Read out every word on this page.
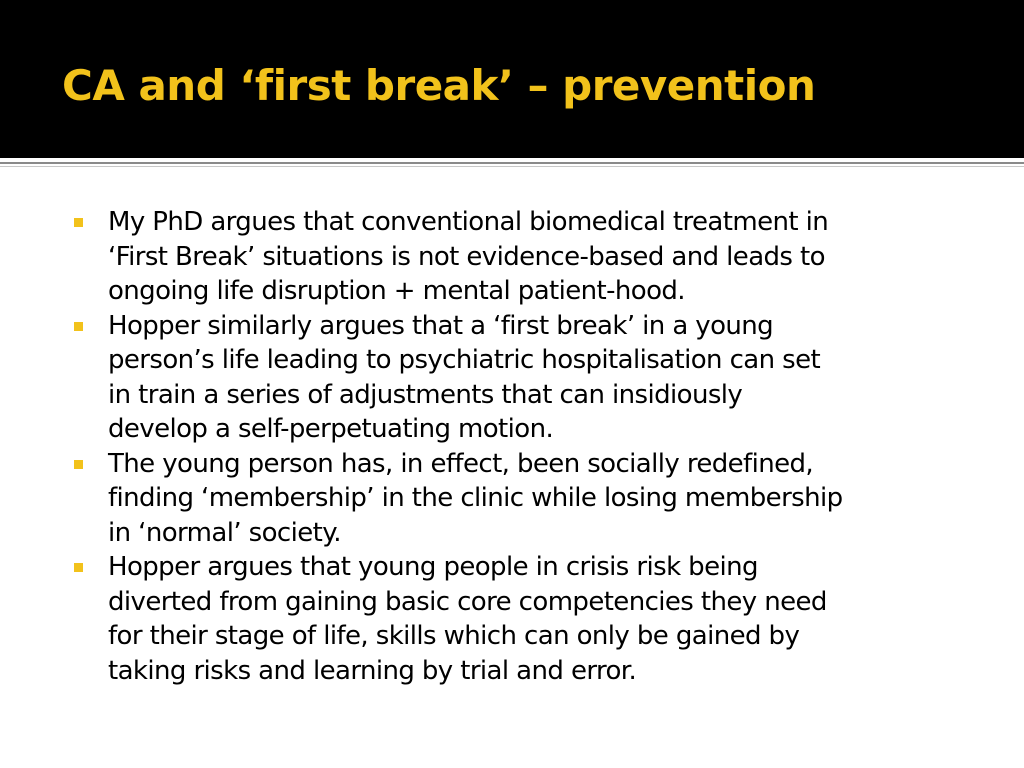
CA and ‘first break’ – prevention
My PhD argues that conventional biomedical treatment in
‘First Break’ situations is not evidence-based and leads to
ongoing life disruption + mental patient-hood.
Hopper similarly argues that a ‘first break’ in a young
person’s life leading to psychiatric hospitalisation can set
in train a series of adjustments that can insidiously
develop a self-perpetuating motion.
The young person has, in effect, been socially redefined,
finding ‘membership’ in the clinic while losing membership
in ‘normal’ society.
Hopper argues that young people in crisis risk being
diverted from gaining basic core competencies they need
for their stage of life, skills which can only be gained by
taking risks and learning by trial and error.
